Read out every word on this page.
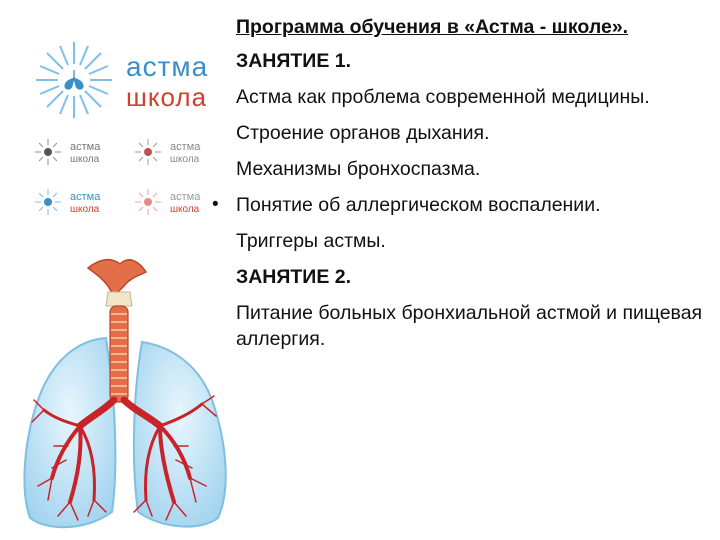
астма
школа
астма
школа
астма
школа
астма
школа
астма
школа
Программа обучения в «Астма - школе».
ЗАНЯТИЕ 1.
Астма как проблема современной медицины.
Строение органов дыхания.
Механизмы бронхоспазма.
• Понятие об аллергическом воспалении.
Триггеры астмы.
ЗАНЯТИЕ 2.
Питание больных бронхиальной астмой и пищевая аллергия.
